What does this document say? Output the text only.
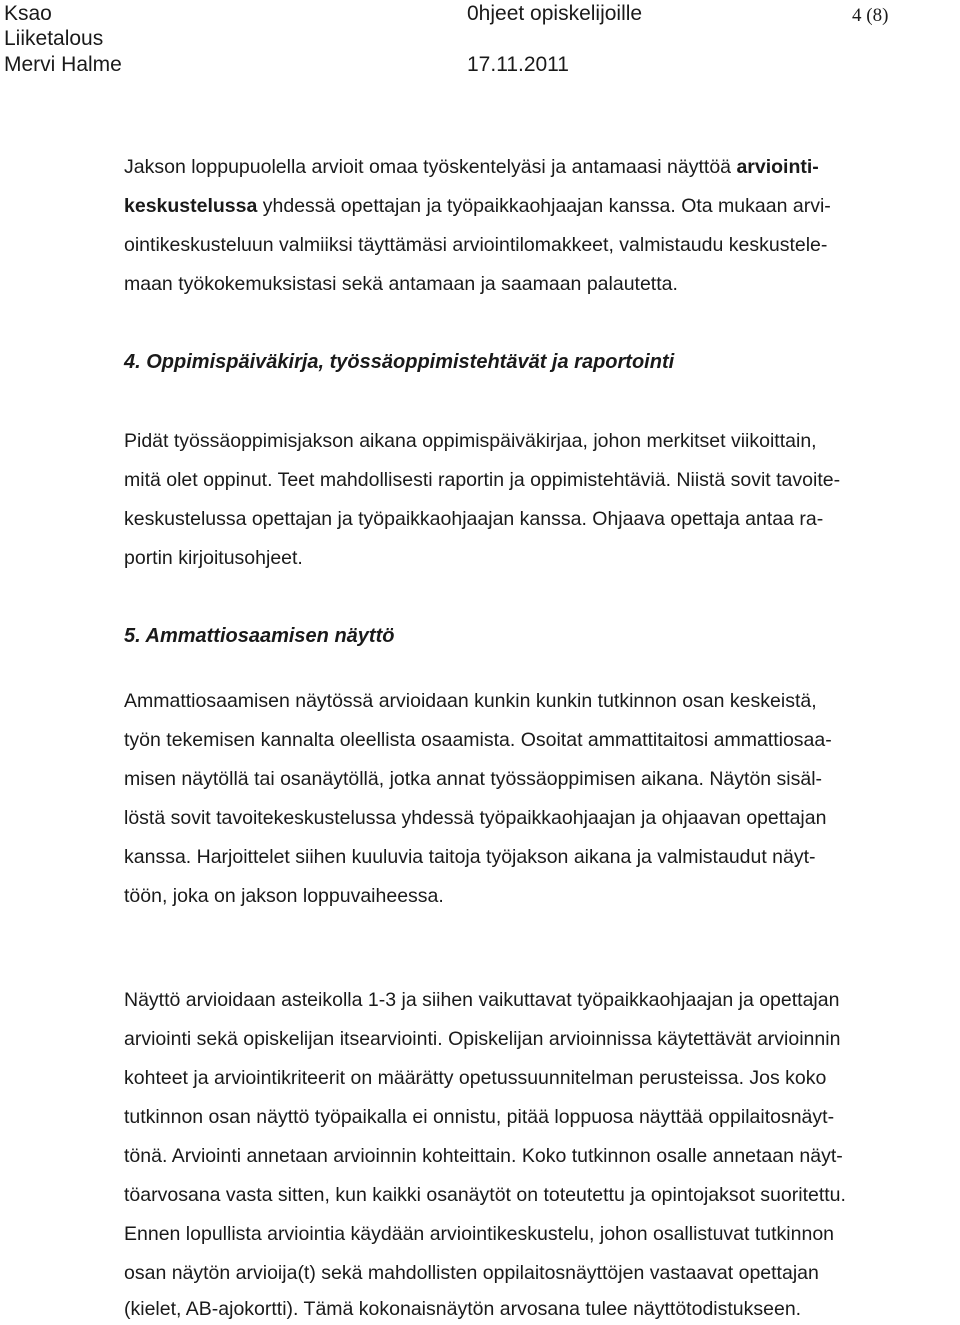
Ksao
Liiketalous
Mervi Halme
0hjeet opiskelijoille
17.11.2011
4 (8)
Jakson loppupuolella arvioit omaa työskentelyäsi ja antamaasi näyttöä arviointi-
keskustelussa yhdessä opettajan ja työpaikkaohjaajan kanssa. Ota mukaan arvi-
ointikeskusteluun valmiiksi täyttämäsi arviointilomakkeet, valmistaudu keskustele-
maan työkokemuksistasi sekä antamaan ja saamaan palautetta.
4. Oppimispäiväkirja, työssäoppimistehtävät ja raportointi
Pidät työssäoppimisjakson aikana oppimispäiväkirjaa, johon merkitset viikoittain,
mitä olet oppinut. Teet mahdollisesti raportin ja oppimistehtäviä. Niistä sovit tavoite-
keskustelussa opettajan ja työpaikkaohjaajan kanssa. Ohjaava opettaja antaa ra-
portin kirjoitusohjeet.
5. Ammattiosaamisen näyttö
Ammattiosaamisen näytössä arvioidaan kunkin kunkin tutkinnon osan keskeistä,
työn tekemisen kannalta oleellista osaamista. Osoitat ammattitaitosi ammattiosaa-
misen näytöllä tai osanäytöllä, jotka annat työssäoppimisen aikana. Näytön sisäl-
löstä sovit tavoitekeskustelussa yhdessä työpaikkaohjaajan ja ohjaavan opettajan
kanssa. Harjoittelet siihen kuuluvia taitoja työjakson aikana ja valmistaudut näyt-
töön, joka on jakson loppuvaiheessa.
Näyttö arvioidaan asteikolla 1-3 ja siihen vaikuttavat työpaikkaohjaajan ja opettajan
arviointi sekä opiskelijan itsearviointi. Opiskelijan arvioinnissa käytettävät arvioinnin
kohteet ja arviointikriteerit on määrätty opetussuunnitelman perusteissa. Jos koko
tutkinnon osan näyttö työpaikalla ei onnistu, pitää loppuosa näyttää oppilaitosnäyt-
tönä. Arviointi annetaan arvioinnin kohteittain. Koko tutkinnon osalle annetaan näyt-
töarvosana vasta sitten, kun kaikki osanäytöt on toteutettu ja opintojaksot suoritettu.
Ennen lopullista arviointia käydään arviointikeskustelu, johon osallistuvat tutkinnon
osan näytön arvioija(t) sekä mahdollisten oppilaitosnäyttöjen vastaavat opettajan
(kielet, AB-ajokortti). Tämä kokonaisnäytön arvosana tulee näyttötodistukseen.
